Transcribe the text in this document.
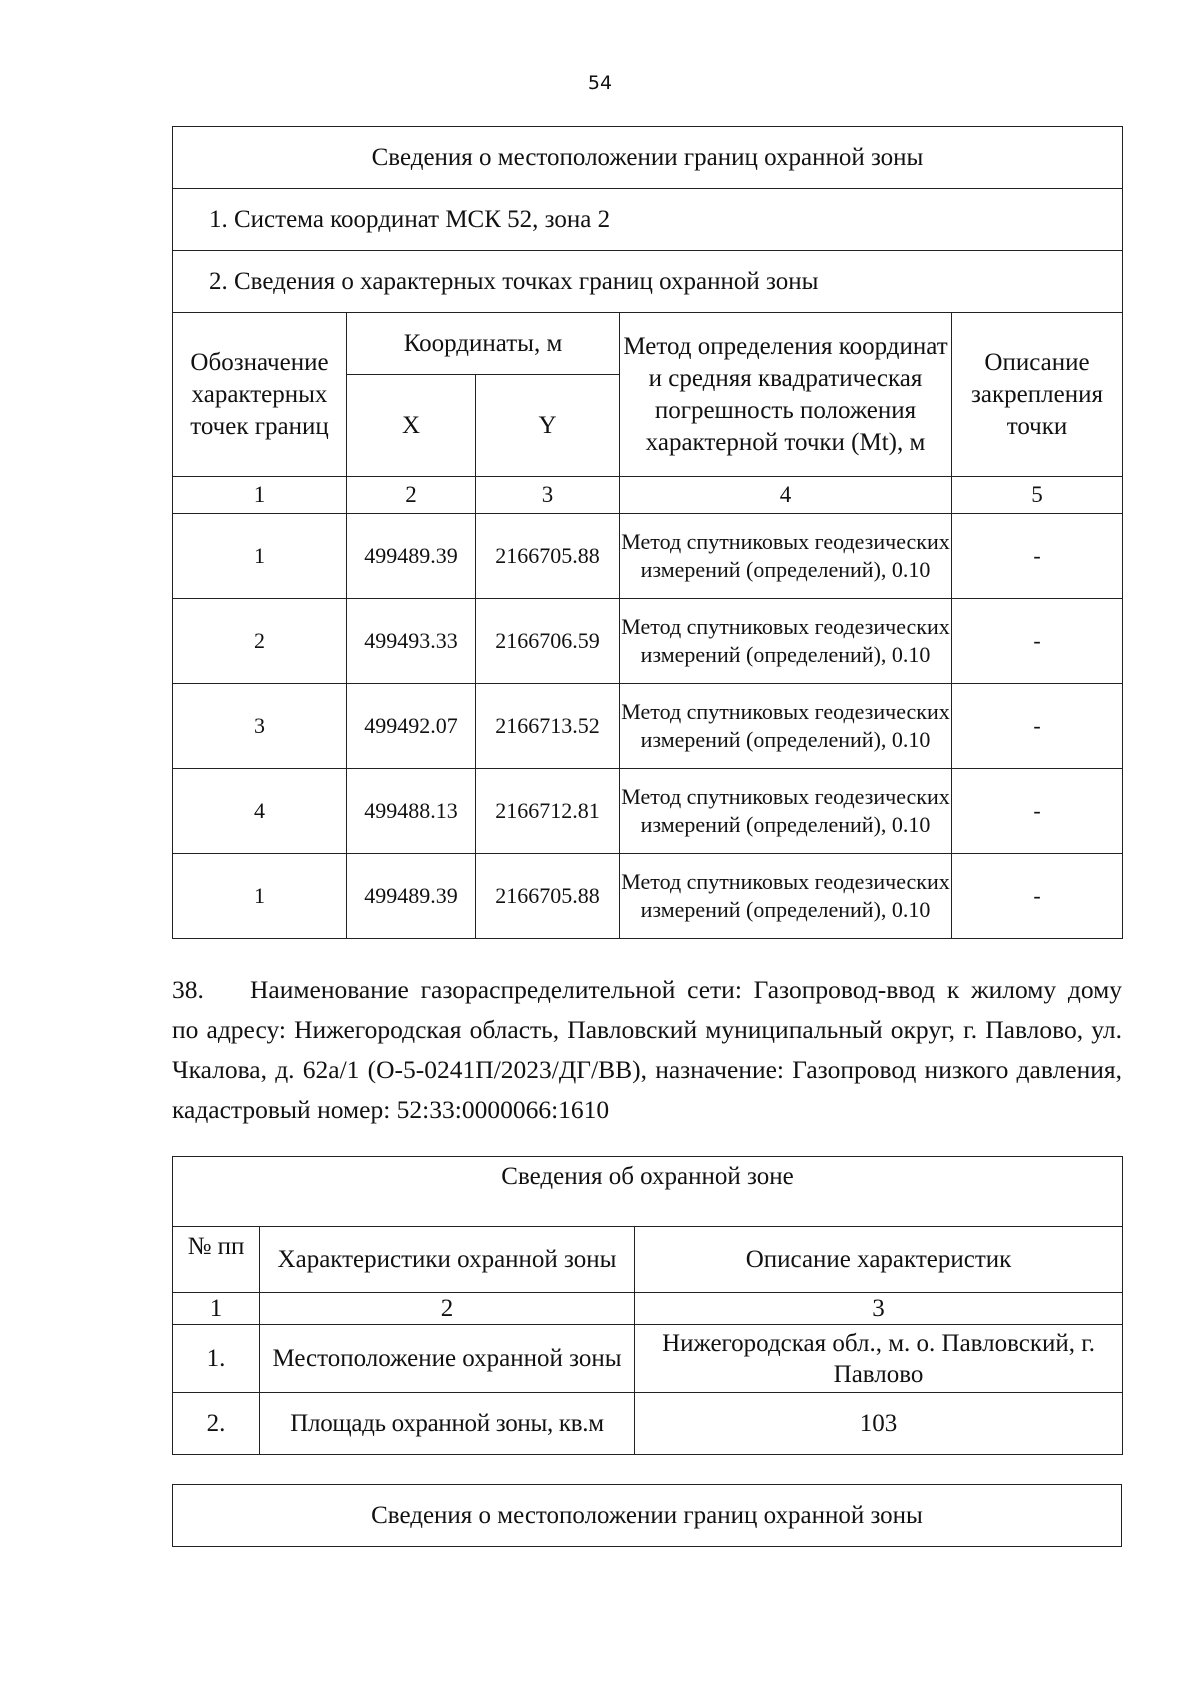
54
Сведения о местоположении границ охранной зоны				
1. Система координат МСК 52, зона 2				
2. Сведения о характерных точках границ охранной зоны				
Обозначение характерных точек границ	Координаты, м		Метод определения координат и средняя квадратическая погрешность положения характерной точки (Mt), м	Описание закрепления точки
	X	Y		
1	2	3	4	5
1	499489.39	2166705.88	Метод спутниковых геодезических измерений (определений), 0.10	-
2	499493.33	2166706.59	Метод спутниковых геодезических измерений (определений), 0.10	-
3	499492.07	2166713.52	Метод спутниковых геодезических измерений (определений), 0.10	-
4	499488.13	2166712.81	Метод спутниковых геодезических измерений (определений), 0.10	-
1	499489.39	2166705.88	Метод спутниковых геодезических измерений (определений), 0.10	-
38. Наименование газораспределительной сети: Газопровод-ввод к жилому дому по адресу: Нижегородская область, Павловский муниципальный округ, г. Павлово, ул. Чкалова, д. 62а/1 (О-5-0241П/2023/ДГ/ВВ), назначение: Газопровод низкого давления, кадастровый номер: 52:33:0000066:1610
Сведения об охранной зоне		
№ пп	Характеристики охранной зоны	Описание характеристик
1	2	3
1.	Местоположение охранной зоны	Нижегородская обл., м. о. Павловский, г. Павлово
2.	Площадь охранной зоны, кв.м	103
Сведения о местоположении границ охранной зоны
